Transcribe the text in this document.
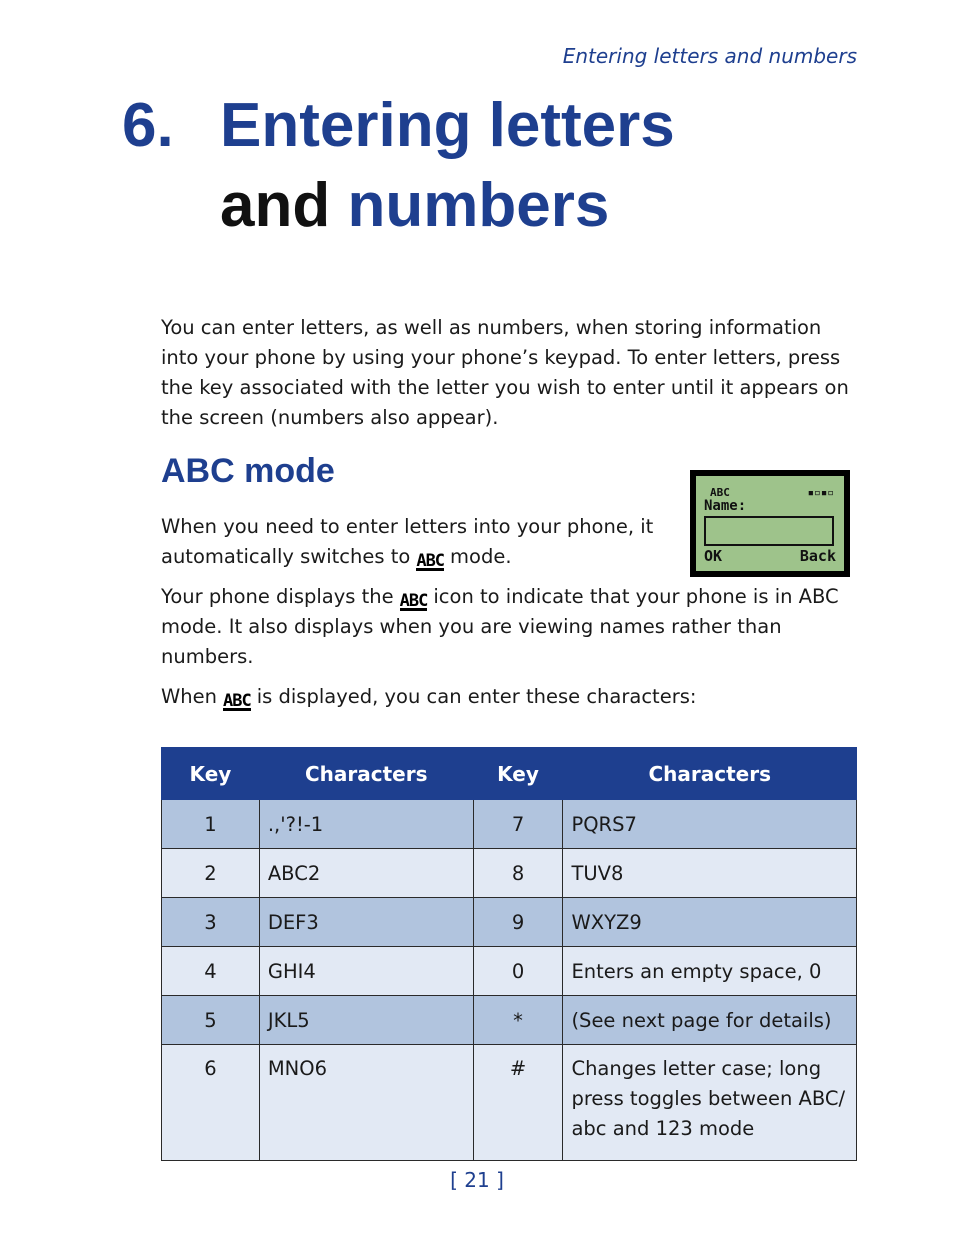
Entering letters and numbers
6. Entering letters and numbers

You can enter letters, as well as numbers, when storing information into your phone by using your phone’s keypad. To enter letters, press the key associated with the letter you wish to enter until it appears on the screen (numbers also appear).

ABC mode

When you need to enter letters into your phone, it automatically switches to ABC mode.

Your phone displays the ABC icon to indicate that your phone is in ABC mode. It also displays when you are viewing names rather than numbers.

When ABC is displayed, you can enter these characters:

ABC	▪▫▪▫
Name:
OK	Back
Key	Characters	Key	Characters
1	.,'?!-1	7	PQRS7
2	ABC2	8	TUV8
3	DEF3	9	WXYZ9
4	GHI4	0	Enters an empty space, 0
5	JKL5	*	(See next page for details)
6	MNO6	#	Changes letter case; long press toggles between ABC/ abc and 123 mode
[ 21 ]
